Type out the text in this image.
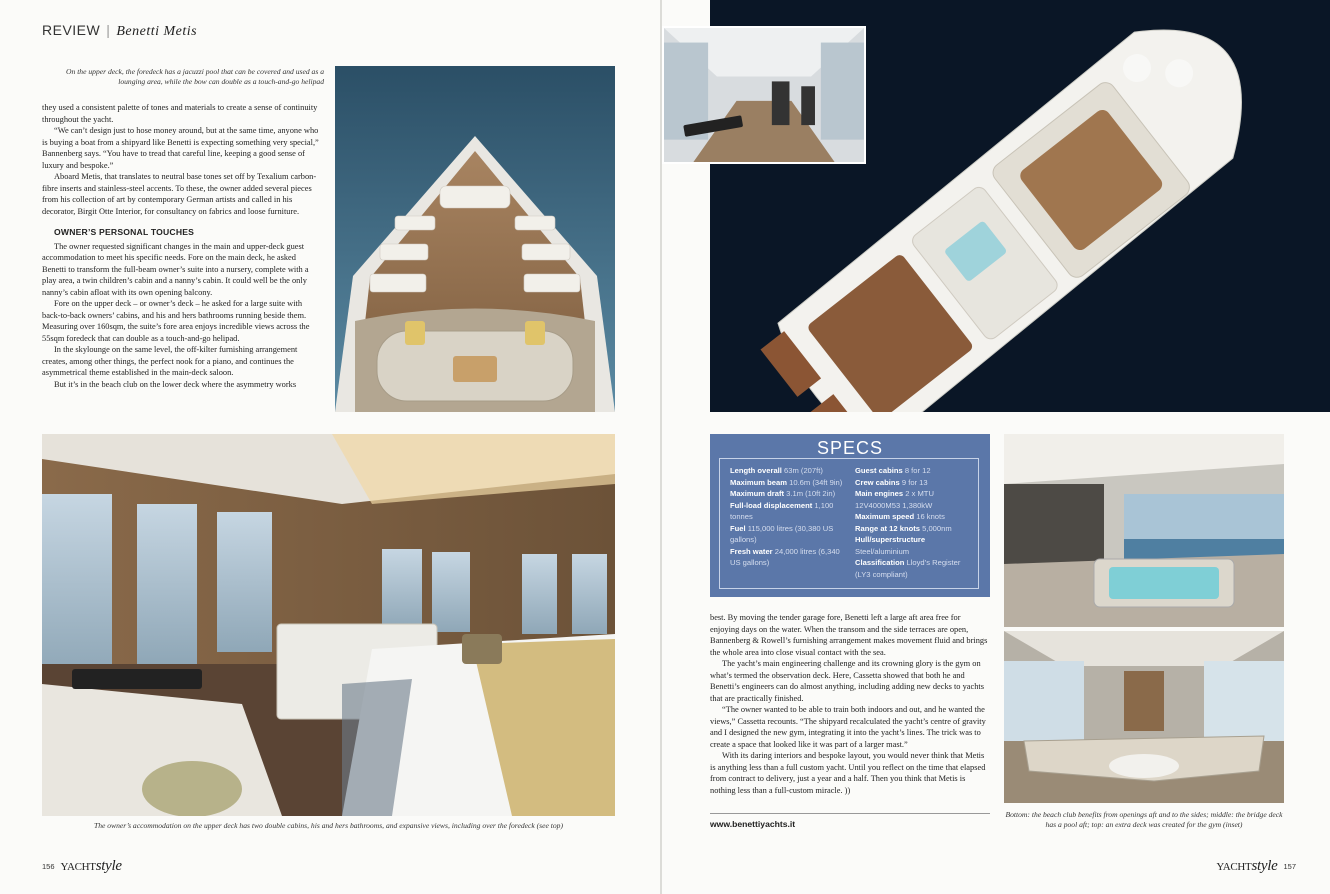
REVIEW | Benetti Metis
On the upper deck, the foredeck has a jacuzzi pool that can be covered and used as a lounging area, while the bow can double as a touch-and-go helipad

they used a consistent palette of tones and materials to create a sense of continuity throughout the yacht.

“We can’t design just to hose money around, but at the same time, anyone who is buying a boat from a shipyard like Benetti is expecting something very special,” Bannenberg says. “You have to tread that careful line, keeping a good sense of luxury and bespoke.”

Aboard Metis, that translates to neutral base tones set off by Texalium carbon-fibre inserts and stainless-steel accents. To these, the owner added several pieces from his collection of art by contemporary German artists and called in his decorator, Birgit Otte Interior, for consultancy on fabrics and loose furniture.

OWNER’S PERSONAL TOUCHES

The owner requested significant changes in the main and upper-deck guest accommodation to meet his specific needs. Fore on the main deck, he asked Benetti to transform the full-beam owner’s suite into a nursery, complete with a play area, a twin children’s cabin and a nanny’s cabin. It could well be the only nanny’s cabin afloat with its own opening balcony.

Fore on the upper deck – or owner’s deck – he asked for a large suite with back-to-back owners’ cabins, and his and hers bathrooms running beside them. Measuring over 160sqm, the suite’s fore area enjoys incredible views across the 55sqm foredeck that can double as a touch-and-go helipad.

In the skylounge on the same level, the off-kilter furnishing arrangement creates, among other things, the perfect nook for a piano, and continues the asymmetrical theme established in the main-deck saloon.

But it’s in the beach club on the lower deck where the asymmetry works

The owner’s accommodation on the upper deck has two double cabins, his and hers bathrooms, and expansive views, including over the foredeck (see top)
156 YACHTstyle
SPECS
Length overall 63m (207ft)
Maximum beam 10.6m (34ft 9in)
Maximum draft 3.1m (10ft 2in)
Full-load displacement 1,100 tonnes
Fuel 115,000 litres (30,380 US gallons)
Fresh water 24,000 litres (6,340 US gallons)
Guest cabins 8 for 12
Crew cabins 9 for 13
Main engines 2 x MTU 12V4000M53 1,380kW
Maximum speed 16 knots
Range at 12 knots 5,000nm
Hull/superstructure Steel/aluminium
Classification Lloyd’s Register (LY3 compliant)

best. By moving the tender garage fore, Benetti left a large aft area free for enjoying days on the water. When the transom and the side terraces are open, Bannenberg & Rowell’s furnishing arrangement makes movement fluid and brings the whole area into close visual contact with the sea.

The yacht’s main engineering challenge and its crowning glory is the gym on what’s termed the observation deck. Here, Cassetta showed that both he and Benetti’s engineers can do almost anything, including adding new decks to yachts that are practically finished.

“The owner wanted to be able to train both indoors and out, and he wanted the views,” Cassetta recounts. “The shipyard recalculated the yacht’s centre of gravity and I designed the new gym, integrating it into the yacht’s lines. The trick was to create a space that looked like it was part of a larger mast.”

With its daring interiors and bespoke layout, you would never think that Metis is anything less than a full custom yacht. Until you reflect on the time that elapsed from contract to delivery, just a year and a half. Then you think that Metis is nothing less than a full-custom miracle. ))

www.benettiyachts.it
Bottom: the beach club benefits from openings aft and to the sides; middle: the bridge deck has a pool aft; top: an extra deck was created for the gym (inset)
YACHTstyle 157
